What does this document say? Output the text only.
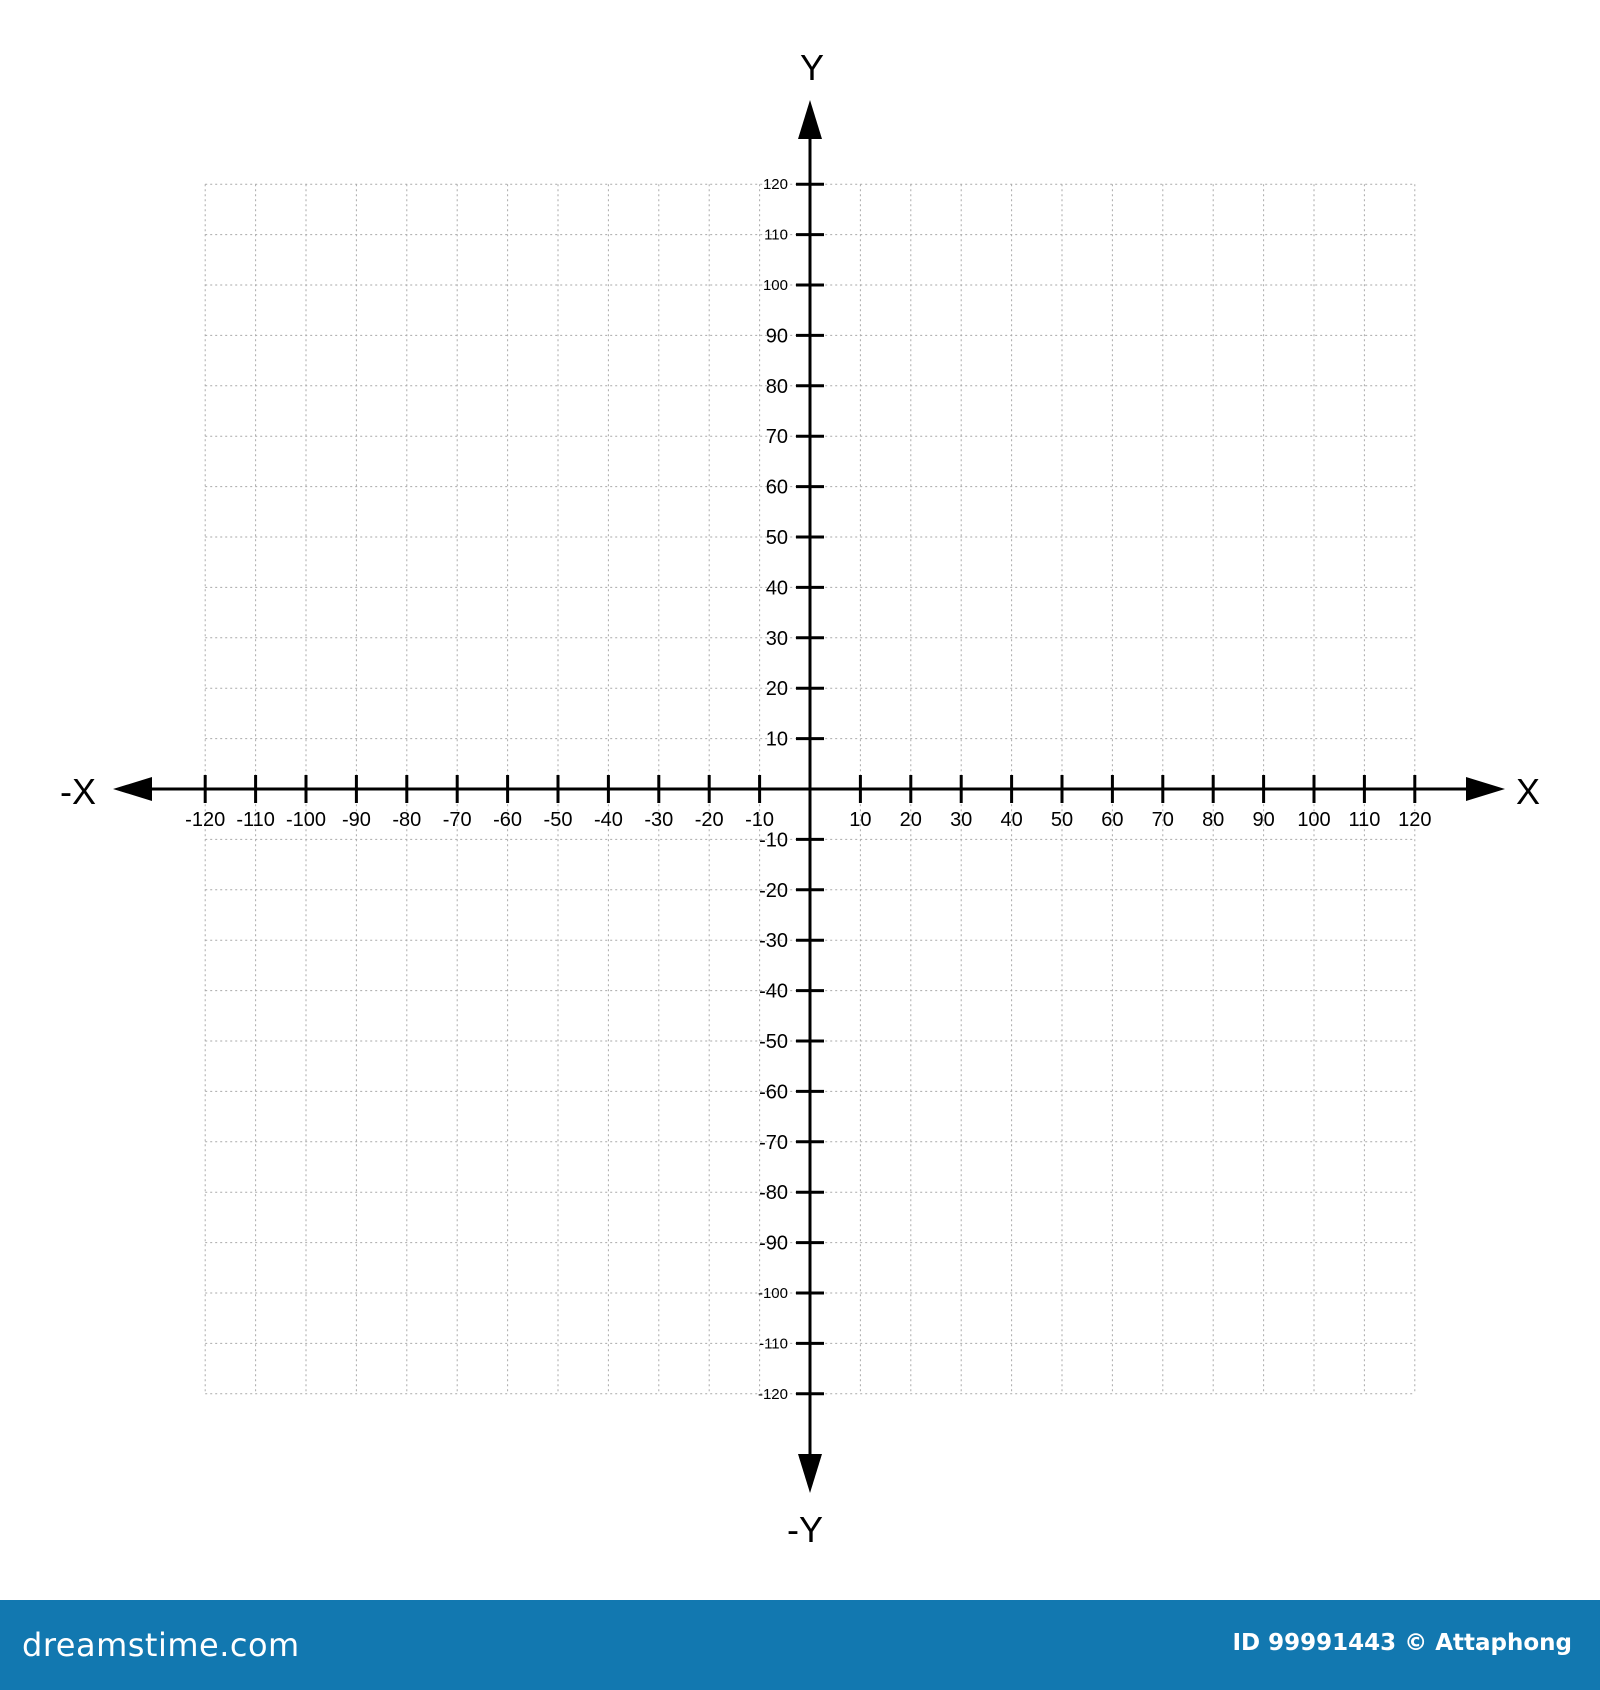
-120 -110 -100 -90 -80 -70 -60 -50 -40 -30 -20 -10	10 20 30 40 50 60 70 80 90 100 110 120
120
110
100
90
80
70
60
50
40
30
20
10
-10
-20
-30
-40
-50
-60
-70
-80
-90
-100
-110
-120
Y
-Y
-X	X
dreamstime.com	ID 99991443 © Attaphong
